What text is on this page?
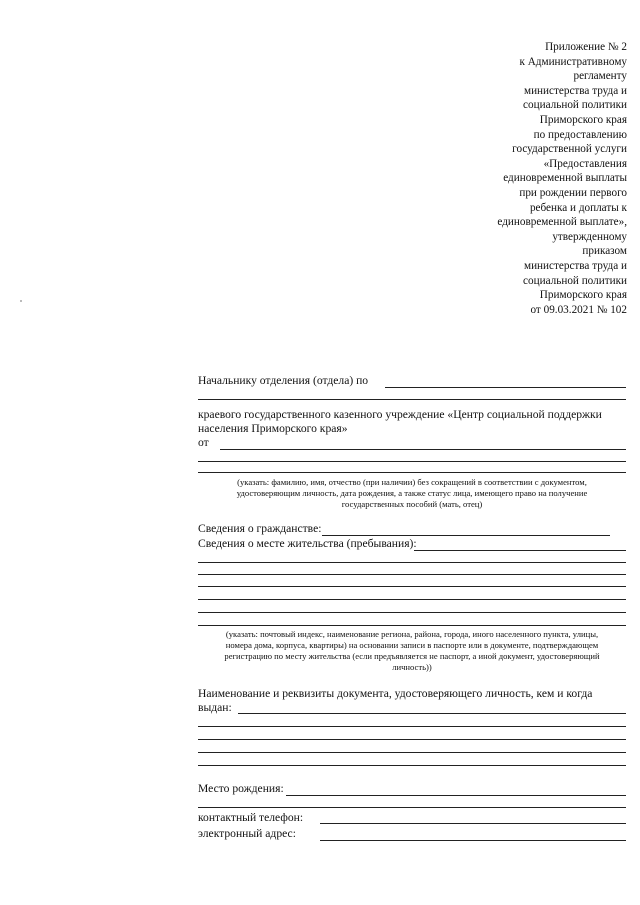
Приложение № 2
к Административному
регламенту
министерства труда и
социальной политики
Приморского края
по предоставлению
государственной услуги
«Предоставления
единовременной выплаты
при рождении первого
ребенка и доплаты к
единовременной выплате»,
утвержденному
приказом
министерства труда и
социальной политики
Приморского края
от 09.03.2021 № 102
Начальнику отделения (отдела) по
краевого государственного казенного учреждение «Центр социальной поддержки
населения Приморского края»
от
(указать: фамилию, имя, отчество (при наличии) без сокращений в соответствии с документом,
удостоверяющим личность, дата рождения, а также статус лица, имеющего право на получение
государственных пособий (мать, отец)
Сведения о гражданстве:
Сведения о месте жительства (пребывания):
(указать: почтовый индекс, наименование региона, района, города, иного населенного пункта, улицы,
номера дома, корпуса, квартиры) на основании записи в паспорте или в документе, подтверждающем
регистрацию по месту жительства (если предъявляется не паспорт, а иной документ, удостоверяющий
личность))
Наименование и реквизиты документа, удостоверяющего личность, кем и когда
выдан:
Место рождения:
контактный телефон:
электронный адрес:
